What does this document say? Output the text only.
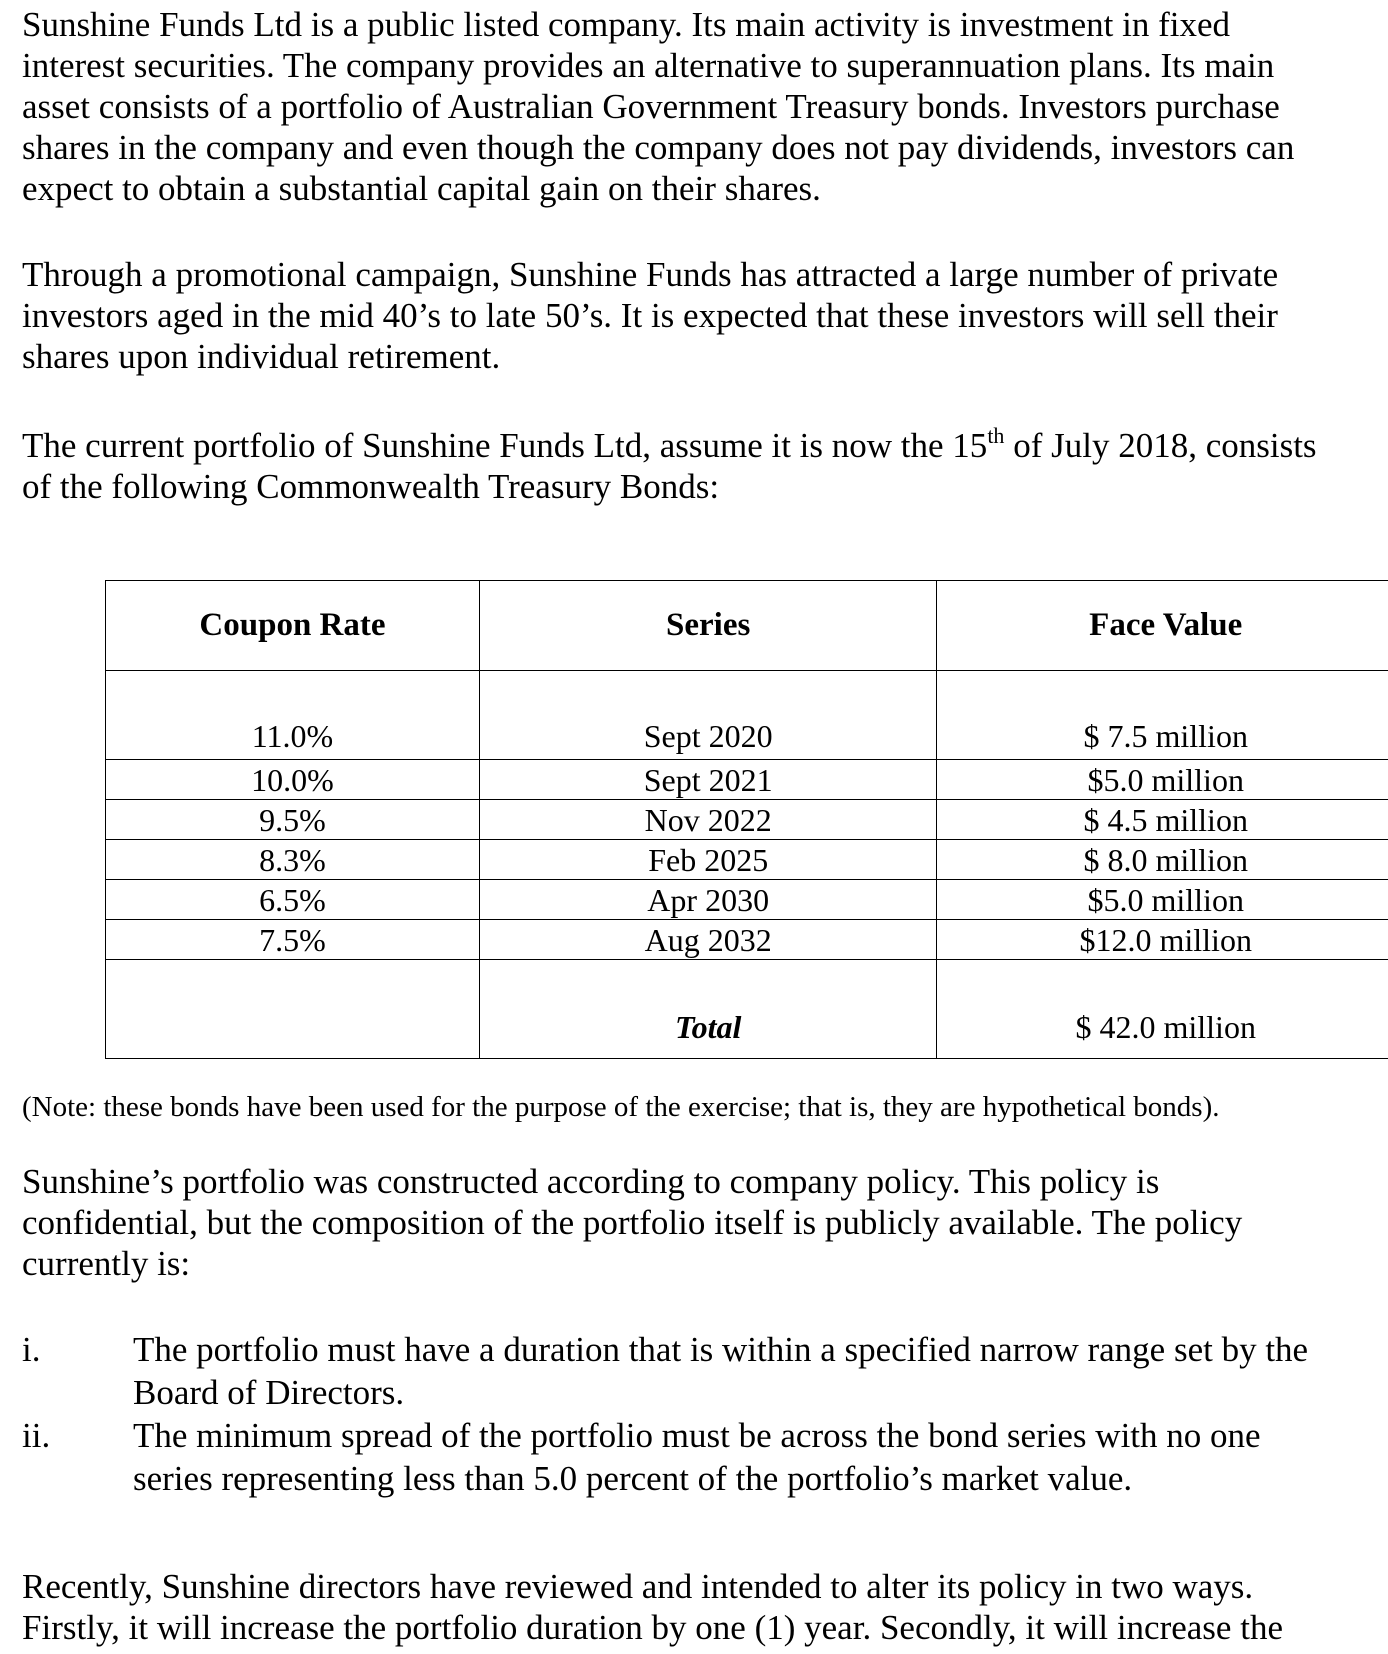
Sunshine Funds Ltd is a public listed company. Its main activity is investment in fixed
interest securities. The company provides an alternative to superannuation plans. Its main
asset consists of a portfolio of Australian Government Treasury bonds. Investors purchase
shares in the company and even though the company does not pay dividends, investors can
expect to obtain a substantial capital gain on their shares.
Through a promotional campaign, Sunshine Funds has attracted a large number of private
investors aged in the mid 40’s to late 50’s. It is expected that these investors will sell their
shares upon individual retirement.
The current portfolio of Sunshine Funds Ltd, assume it is now the 15th of July 2018, consists
of the following Commonwealth Treasury Bonds:
Coupon Rate	Series	Face Value
11.0%	Sept 2020	$ 7.5 million
10.0%	Sept 2021	$5.0 million
9.5%	Nov 2022	$ 4.5 million
8.3%	Feb 2025	$ 8.0 million
6.5%	Apr 2030	$5.0 million
7.5%	Aug 2032	$12.0 million
	Total	$ 42.0 million

(Note: these bonds have been used for the purpose of the exercise; that is, they are hypothetical bonds).

Sunshine’s portfolio was constructed according to company policy. This policy is
confidential, but the composition of the portfolio itself is publicly available. The policy
currently is:
i.	The portfolio must have a duration that is within a specified narrow range set by the
Board of Directors.
ii. The minimum spread of the portfolio must be across the bond series with no one
series representing less than 5.0 percent of the portfolio’s market value.
Recently, Sunshine directors have reviewed and intended to alter its policy in two ways.
Firstly, it will increase the portfolio duration by one (1) year. Secondly, it will increase the
